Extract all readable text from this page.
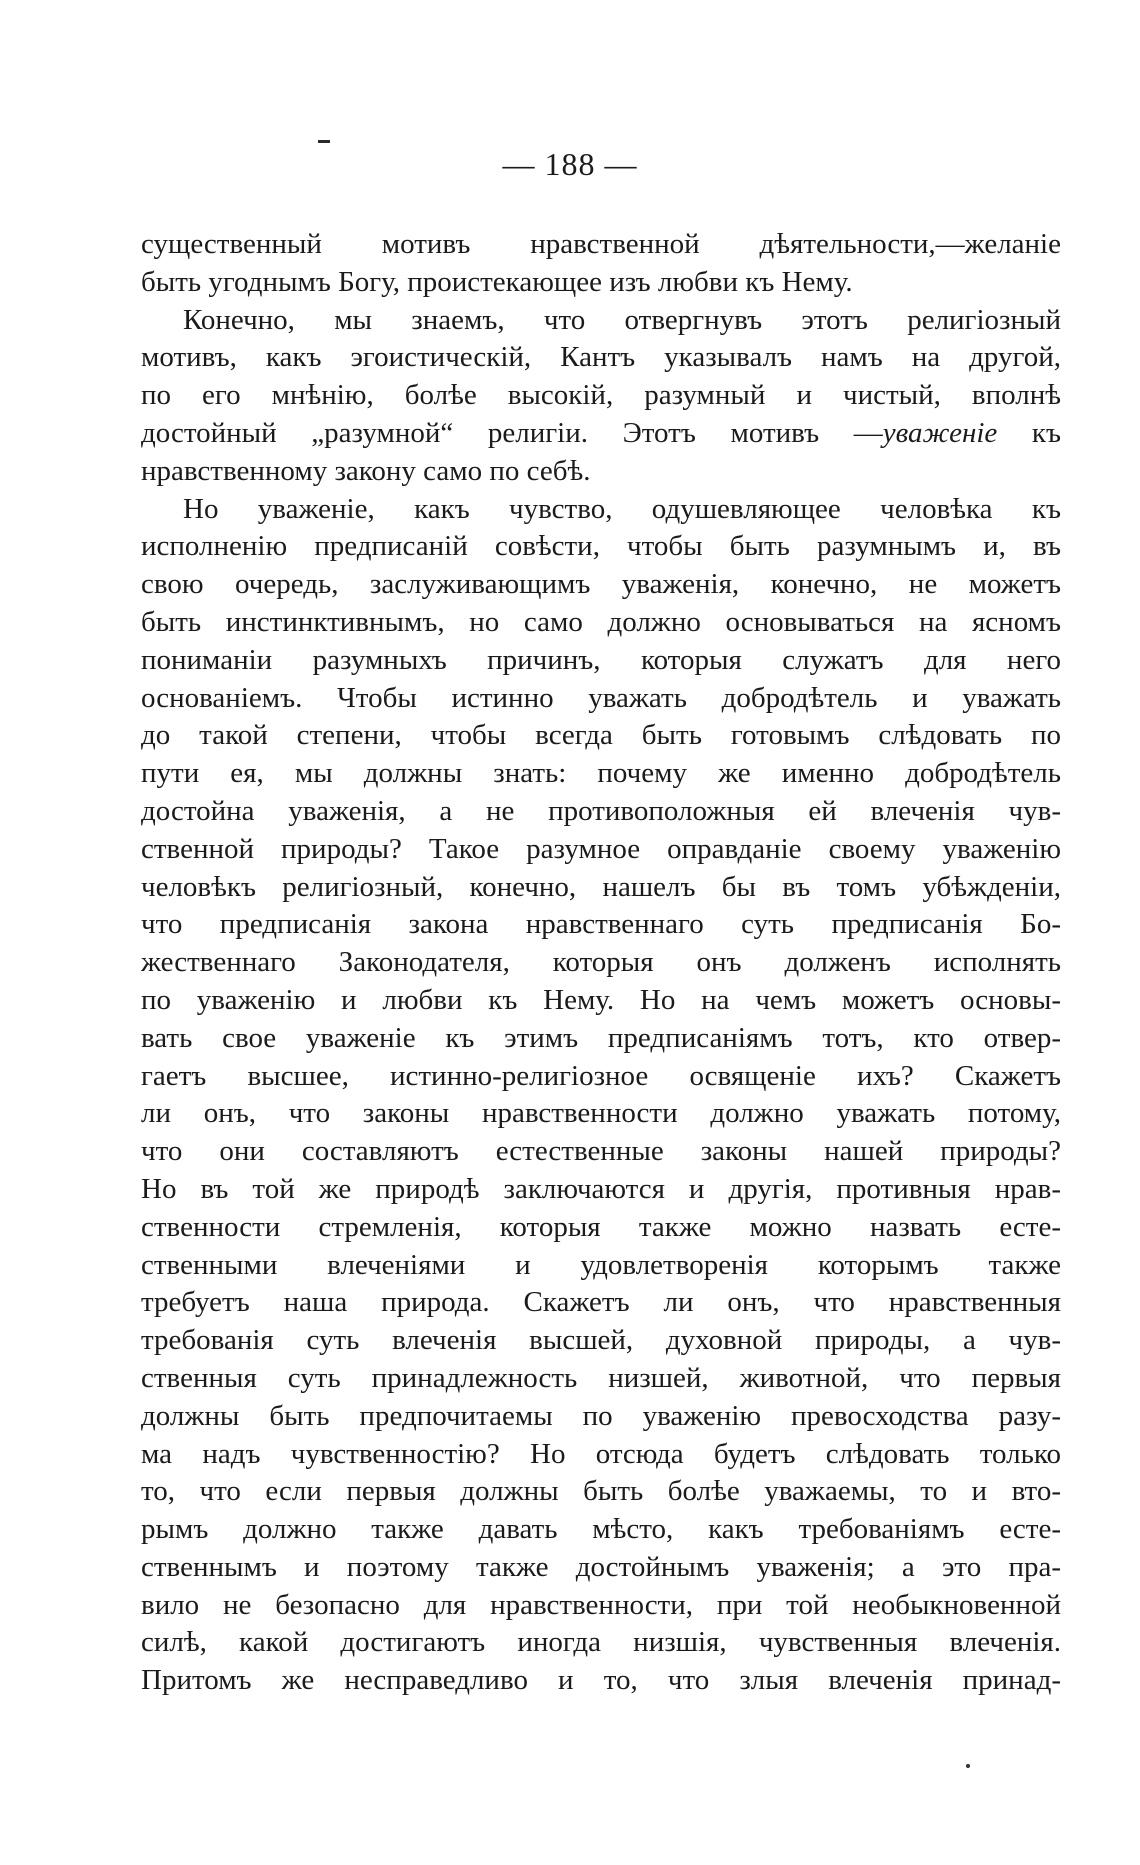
— 188 —
существенный мотивъ нравственной дѣятельности,—желаніе
быть угоднымъ Богу, проистекающее изъ любви къ Нему.
Конечно, мы знаемъ, что отвергнувъ этотъ религіозный
мотивъ, какъ эгоистическій, Кантъ указывалъ намъ на другой,
по его мнѣнію, болѣе высокій, разумный и чистый, вполнѣ
достойный „разумной“ религіи. Этотъ мотивъ —уваженіе къ
нравственному закону само по себѣ.
Но уваженіе, какъ чувство, одушевляющее человѣка къ
исполненію предписаній совѣсти, чтобы быть разумнымъ и, въ
свою очередь, заслуживающимъ уваженія, конечно, не можетъ
быть инстинктивнымъ, но само должно основываться на ясномъ
пониманіи разумныхъ причинъ, которыя служатъ для него
основаніемъ. Чтобы истинно уважать добродѣтель и уважать
до такой степени, чтобы всегда быть готовымъ слѣдовать по
пути ея, мы должны знать: почему же именно добродѣтель
достойна уваженія, а не противоположныя ей влеченія чув-
ственной природы? Такое разумное оправданіе своему уваженію
человѣкъ религіозный, конечно, нашелъ бы въ томъ убѣжденіи,
что предписанія закона нравственнаго суть предписанія Бо-
жественнаго Законодателя, которыя онъ долженъ исполнять
по уваженію и любви къ Нему. Но на чемъ можетъ основы-
вать свое уваженіе къ этимъ предписаніямъ тотъ, кто отвер-
гаетъ высшее, истинно-религіозное освященіе ихъ? Скажетъ
ли онъ, что законы нравственности должно уважать потому,
что они составляютъ естественные законы нашей природы?
Но въ той же природѣ заключаются и другія, противныя нрав-
ственности стремленія, которыя также можно назвать есте-
ственными влеченіями и удовлетворенія которымъ также
требуетъ наша природа. Скажетъ ли онъ, что нравственныя
требованія суть влеченія высшей, духовной природы, а чув-
ственныя суть принадлежность низшей, животной, что первыя
должны быть предпочитаемы по уваженію превосходства разу-
ма надъ чувственностію? Но отсюда будетъ слѣдовать только
то, что если первыя должны быть болѣе уважаемы, то и вто-
рымъ должно также давать мѣсто, какъ требованіямъ есте-
ственнымъ и поэтому также достойнымъ уваженія; а это пра-
вило не безопасно для нравственности, при той необыкновенной
силѣ, какой достигаютъ иногда низшія, чувственныя влеченія.
Притомъ же несправедливо и то, что злыя влеченія принад-
